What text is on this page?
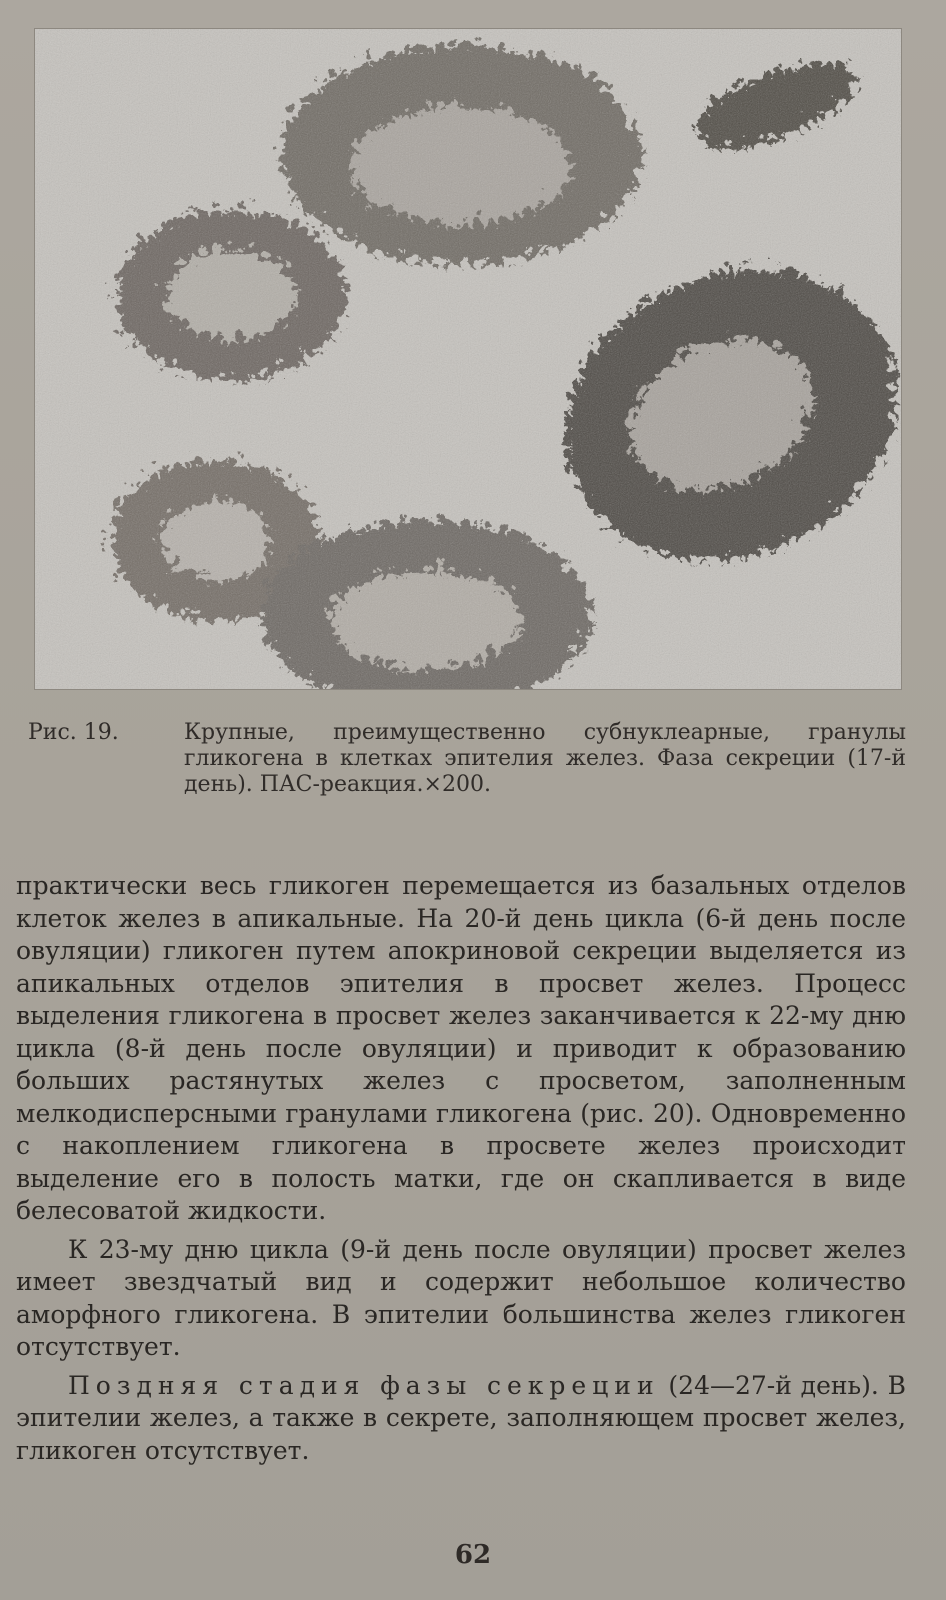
Рис. 19.	Крупные, преимущественно субнуклеарные, гранулы гликогена в клетках эпителия желез. Фаза секреции (17-й день). ПАС-реакция.×200.

практически весь гликоген перемещается из базальных отделов клеток желез в апикальные. На 20-й день цикла (6-й день после овуляции) гликоген путем апокриновой секреции выделяется из апикальных отделов эпителия в просвет желез. Процесс выделения гликогена в просвет желез заканчивается к 22-му дню цикла (8-й день после овуляции) и приводит к образованию больших растянутых желез с просветом, заполненным мелкодисперсными гранулами гликогена (рис. 20). Одновременно с накоплением гликогена в просвете желез происходит выделение его в полость матки, где он скапливается в виде белесоватой жидкости.

К 23-му дню цикла (9-й день после овуляции) просвет желез имеет звездчатый вид и содержит небольшое количество аморфного гликогена. В эпителии большинства желез гликоген отсутствует.

Поздняя стадия фазы секреции (24—27-й день). В эпителии желез, а также в секрете, заполняющем просвет желез, гликоген отсутствует.

62
